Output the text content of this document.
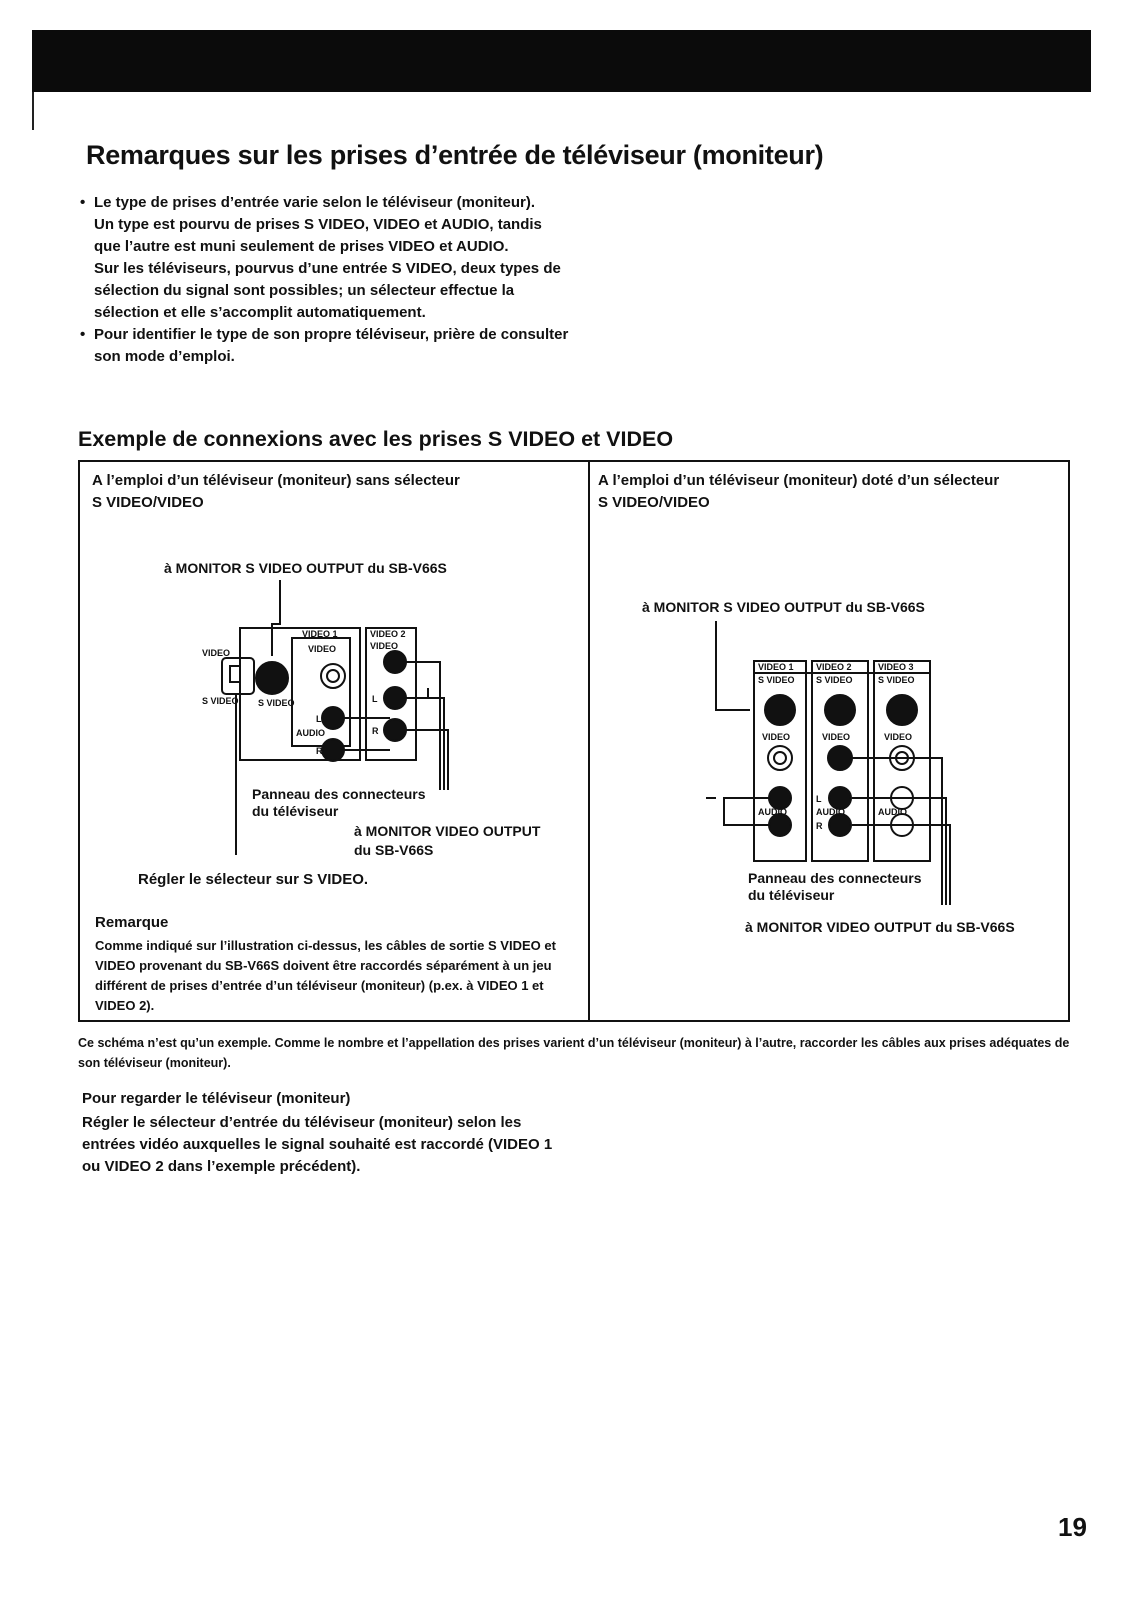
Remarques sur les prises d’entrée de téléviseur (moniteur)

• Le type de prises d’entrée varie selon le téléviseur (moniteur).

Un type est pourvu de prises S VIDEO, VIDEO et AUDIO, tandis que l’autre est muni seulement de prises VIDEO et AUDIO.

Sur les téléviseurs, pourvus d’une entrée S VIDEO, deux types de sélection du signal sont possibles; un sélecteur effectue la sélection et elle s’accomplit automatiquement.

• Pour identifier le type de son propre téléviseur, prière de consulter son mode d’emploi.
Exemple de connexions avec les prises S VIDEO et VIDEO
A l’emploi d’un téléviseur (moniteur) sans sélecteur
S VIDEO/VIDEO
à MONITOR S VIDEO OUTPUT du SB-V66S
VIDEO 1	VIDEO 2
VIDEO
VIDEO
S VIDEO
AUDIO
L
R
L
R
VIDEO
S VIDEO
Panneau des connecteurs
du téléviseur
à MONITOR VIDEO OUTPUT
du SB-V66S
Régler le sélecteur sur S VIDEO.
Remarque
Comme indiqué sur l’illustration ci-dessus, les câbles de sortie S VIDEO et VIDEO provenant du SB-V66S doivent être raccordés séparément à un jeu différent de prises d’entrée d’un téléviseur (moniteur) (p.ex. à VIDEO 1 et VIDEO 2).
A l’emploi d’un téléviseur (moniteur) doté d’un sélecteur
S VIDEO/VIDEO
à MONITOR S VIDEO OUTPUT du SB-V66S
VIDEO 1 VIDEO 2	VIDEO 3
S VIDEO S VIDEO	S VIDEO
VIDEO	VIDEO	VIDEO
AUDIO	AUDIO	AUDIO
L
R
Panneau des connecteurs
du téléviseur
à MONITOR VIDEO OUTPUT du SB-V66S
Ce schéma n’est qu’un exemple. Comme le nombre et l’appellation des prises varient d’un téléviseur (moniteur) à l’autre, raccorder les câbles aux prises adéquates de son téléviseur (moniteur).
Pour regarder le téléviseur (moniteur)
Régler le sélecteur d’entrée du téléviseur (moniteur) selon les entrées vidéo auxquelles le signal souhaité est raccordé (VIDEO 1 ou VIDEO 2 dans l’exemple précédent).
19
